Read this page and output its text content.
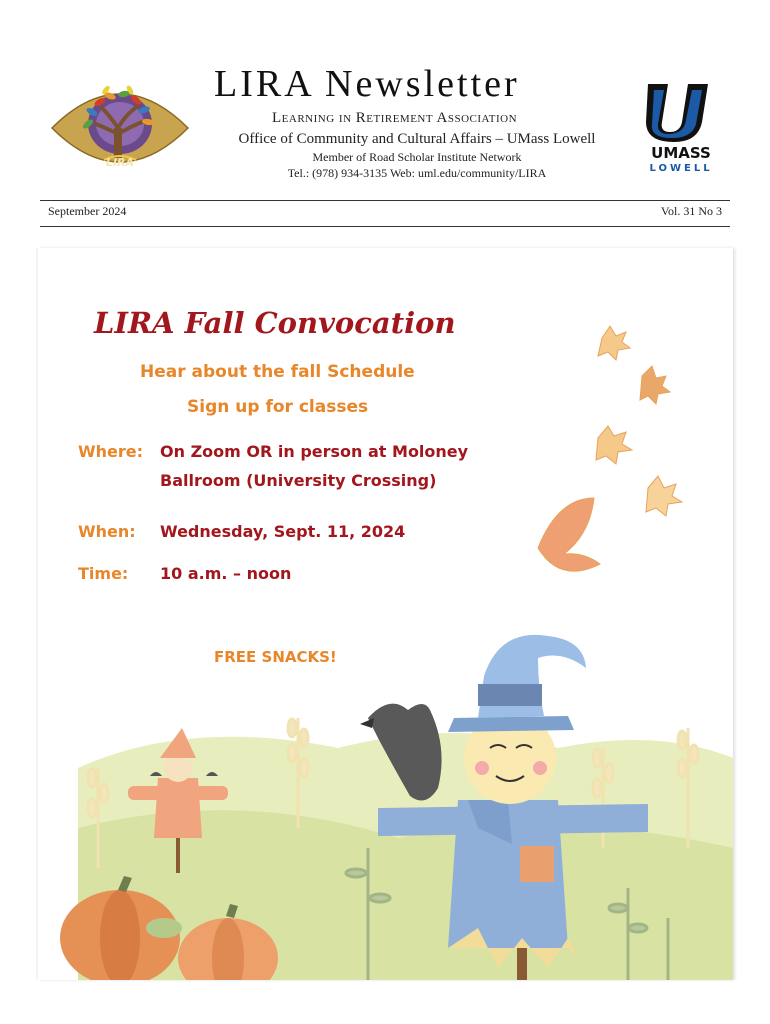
LIRA
LIRA Newsletter
Learning in Retirement Association
Office of Community and Cultural Affairs – UMass Lowell
Member of Road Scholar Institute Network
Tel.: (978) 934-3135 Web: uml.edu/community/LIRA
UMASS
LOWELL
September 2024	Vol. 31 No 3
LIRA Fall Convocation
Hear about the fall Schedule
Sign up for classes
Where: On Zoom OR in person at Moloney
Ballroom (University Crossing)
When: Wednesday, Sept. 11, 2024
Time: 10 a.m. – noon
FREE SNACKS!
